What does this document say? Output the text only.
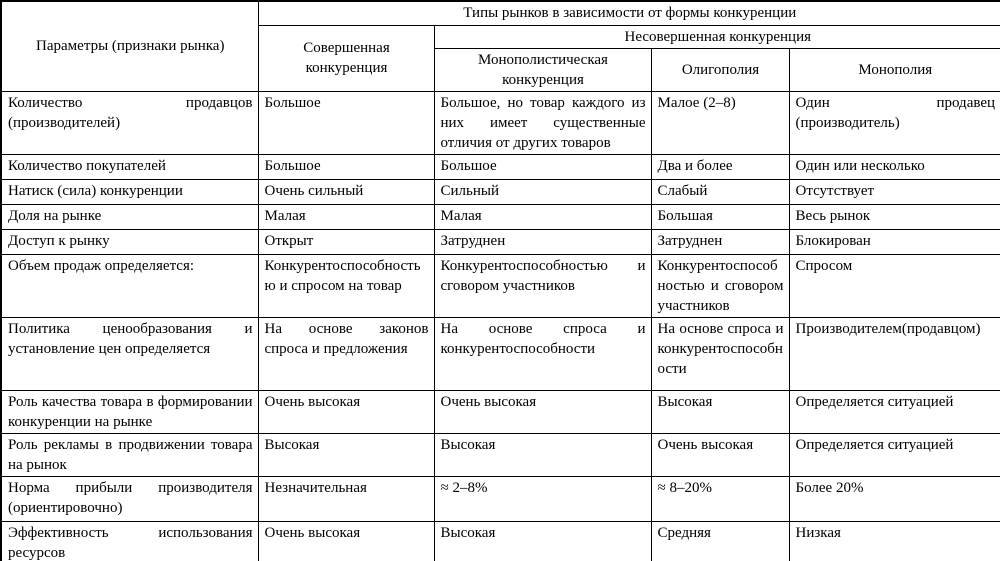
Параметры (признаки рынка)	Типы рынков в зависимости от формы конкуренции			
	Совершенная конкуренция	Несовершенная конкуренция		
		Монополистическая конкуренция	Олигополия	Монополия
Количество продавцов (производителей)	Большое	Большое, но товар каждого из них имеет существенные отличия от других товаров	Малое (2–8)	Один продавец (производитель)
Количество покупателей	Большое	Большое	Два и более	Один или несколько
Натиск (сила) конкуренции	Очень сильный	Сильный	Слабый	Отсутствует
Доля на рынке	Малая	Малая	Большая	Весь рынок
Доступ к рынку	Открыт	Затруднен	Затруднен	Блокирован
Объем продаж определяется:	Конкурентоспособностью и спросом на товар	Конкурентоспособностью и сговором участников	Конкурентоспособностью и сговором участников	Спросом
Политика ценообразования и установление цен определяется	На основе законов спроса и предложения	На основе спроса и конкурентоспособности	На основе спроса и конкурентоспособности	Производителем(продавцом)
Роль качества товара в формировании конкуренции на рынке	Очень высокая	Очень высокая	Высокая	Определяется ситуацией
Роль рекламы в продвижении товара на рынок	Высокая	Высокая	Очень высокая	Определяется ситуацией
Норма прибыли производителя (ориентировочно)	Незначительная	≈ 2–8%	≈ 8–20%	Более 20%
Эффективность использования ресурсов	Очень высокая	Высокая	Средняя	Низкая
